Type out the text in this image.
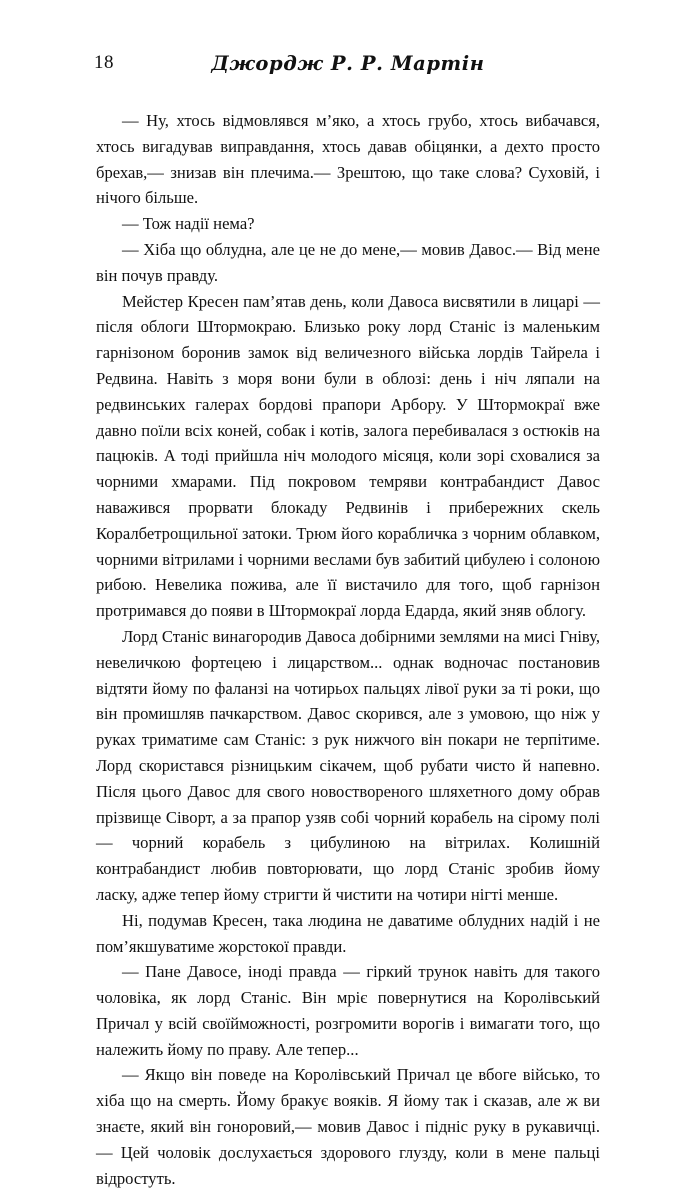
18	Джордж Р. Р. Мартін

— Ну, хтось відмовлявся м’яко, а хтось грубо, хтось вибачався, хтось вигадував виправдання, хтось давав обіцянки, а дехто просто брехав,— знизав він плечима.— Зрештою, що таке слова? Суховій, і нічого більше.

— Тож надії нема?

— Хіба що облудна, але це не до мене,— мовив Давос.— Від мене він почув правду.

Мейстер Кресен пам’ятав день, коли Давоса висвятили в лицарі — після облоги Штормокраю. Близько року лорд Станіс із маленьким гарнізоном боронив замок від величезного війська лордів Тайрела і Редвина. Навіть з моря вони були в облозі: день і ніч ляпали на редвинських галерах бордові прапори Арбору. У Штормокраї вже давно поїли всіх коней, собак і котів, залога перебивалася з остюків на пацюків. А тоді прийшла ніч молодого місяця, коли зорі сховалися за чорними хмарами. Під покровом темряви контрабандист Давос наважився прорвати блокаду Редвинів і прибережних скель Коралбетрощильної затоки. Трюм його корабличка з чорним облавком, чорними вітрилами і чорними веслами був забитий цибулею і солоною рибою. Невелика пожива, але її вистачило для того, щоб гарнізон протримався до появи в Штормокраї лорда Едарда, який зняв облогу.

Лорд Станіс винагородив Давоса добірними землями на мисі Гніву, невеличкою фортецею і лицарством... однак водночас постановив відтяти йому по фаланзі на чотирьох пальцях лівої руки за ті роки, що він промишляв пачкарством. Давос скорився, але з умовою, що ніж у руках триматиме сам Станіс: з рук нижчого він покари не терпітиме. Лорд скористався різницьким сікачем, щоб рубати чисто й напевно. Після цього Давос для свого новоствореного шляхетного дому обрав прізвище Сіворт, а за прапор узяв собі чорний корабель на сірому полі — чорний корабель з цибулиною на вітрилах. Колишній контрабандист любив повторювати, що лорд Станіс зробив йому ласку, адже тепер йому стригти й чистити на чотири нігті менше.

Ні, подумав Кресен, така людина не даватиме облудних надій і не пом’якшуватиме жорстокої правди.

— Пане Давосе, іноді правда — гіркий трунок навіть для такого чоловіка, як лорд Станіс. Він мріє повернутися на Королівський Причал у всій своїйможності, розгромити ворогів і вимагати того, що належить йому по праву. Але тепер...

— Якщо він поведе на Королівський Причал це вбоге військо, то хіба що на смерть. Йому бракує вояків. Я йому так і сказав, але ж ви знаєте, який він гоноровий,— мовив Давос і підніс руку в рукавичці.— Цей чоловік дослухається здорового глузду, коли в мене пальці відростуть.
